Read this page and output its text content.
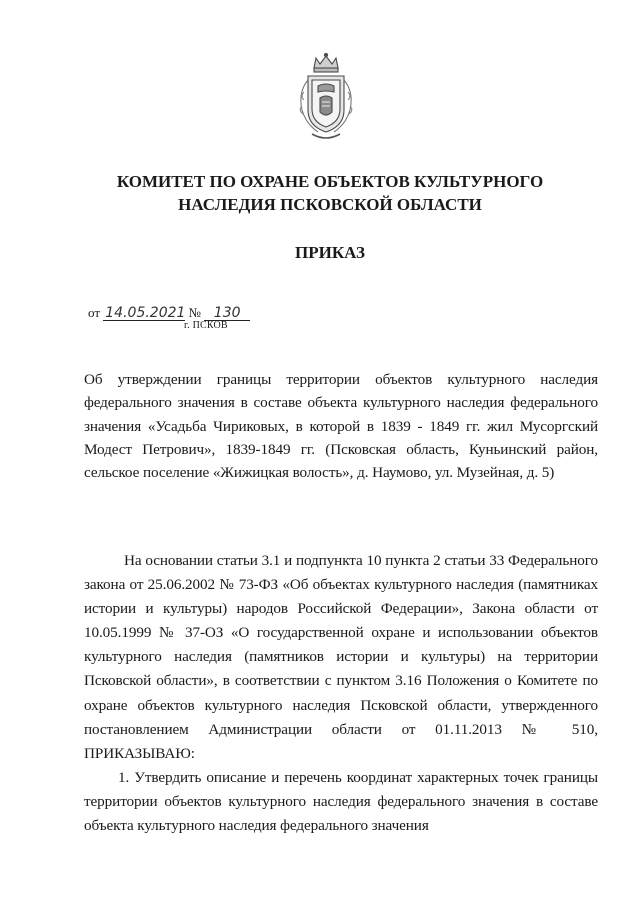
КОМИТЕТ ПО ОХРАНЕ ОБЪЕКТОВ КУЛЬТУРНОГО
НАСЛЕДИЯ ПСКОВСКОЙ ОБЛАСТИ
ПРИКАЗ
от 14.05.2021 № 130
г. ПСКОВ
Об утверждении границы территории объектов культурного наследия федерального значения в составе объекта культурного наследия федерального значения «Усадьба Чириковых, в которой в 1839 - 1849 гг. жил Мусоргский Модест Петрович», 1839-1849 гг. (Псковская область, Куньинский район, сельское поселение «Жижицкая волость», д. Наумово, ул. Музейная, д. 5)

На основании статьи 3.1 и подпункта 10 пункта 2 статьи 33 Федерального закона от 25.06.2002 № 73-ФЗ «Об объектах культурного наследия (памятниках истории и культуры) народов Российской Федерации», Закона области от 10.05.1999 № 37-ОЗ «О государственной охране и использовании объектов культурного наследия (памятников истории и культуры) на территории Псковской области», в соответствии с пунктом 3.16 Положения о Комитете по охране объектов культурного наследия Псковской области, утвержденного постановлением Администрации области от 01.11.2013 № 510, ПРИКАЗЫВАЮ:

1. Утвердить описание и перечень координат характерных точек границы территории объектов культурного наследия федерального значения в составе объекта культурного наследия федерального значения
